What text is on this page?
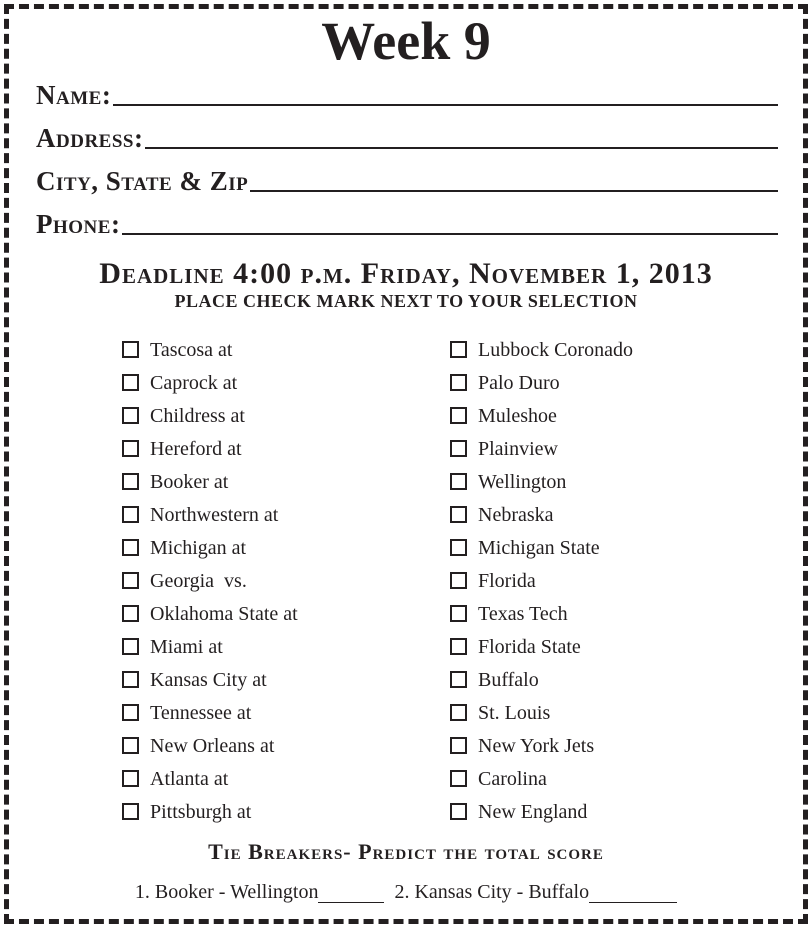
Week 9
Name:
Address:
City, State & Zip
Phone:
Deadline 4:00 p.m. Friday, November 1, 2013
PLACE CHECK MARK NEXT TO YOUR SELECTION
Tascosa at
Caprock at
Childress at
Hereford at
Booker at
Northwestern at
Michigan at
Georgia  vs.
Oklahoma State at
Miami at
Kansas City at
Tennessee at
New Orleans at
Atlanta at
Pittsburgh at
Lubbock Coronado
Palo Duro
Muleshoe
Plainview
Wellington
Nebraska
Michigan State
Florida
Texas Tech
Florida State
Buffalo
St. Louis
New York Jets
Carolina
New England
Tie Breakers- Predict the total score
1. Booker - Wellington	2. Kansas City - Buffalo
